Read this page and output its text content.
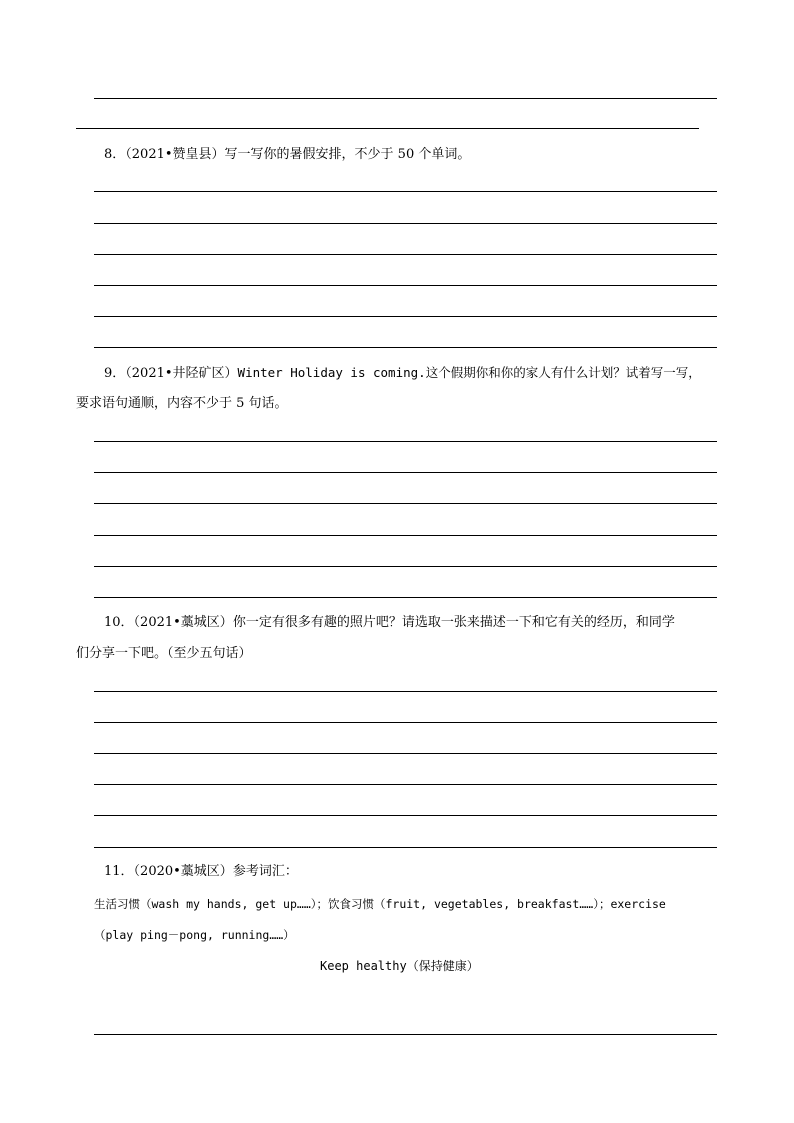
8．（2021•赞皇县）写一写你的暑假安排，不少于 50 个单词。
9．（2021•井陉矿区）Winter Holiday is coming.这个假期你和你的家人有什么计划？试着写一写，
要求语句通顺，内容不少于 5 句话。
10．（2021•藁城区）你一定有很多有趣的照片吧？请选取一张来描述一下和它有关的经历，和同学
们分享一下吧。（至少五句话）
11．（2020•藁城区）参考词汇：
生活习惯（wash my hands, get up……）；饮食习惯（fruit, vegetables, breakfast……）；exercise
（play ping－pong, running……）
Keep healthy（保持健康）
